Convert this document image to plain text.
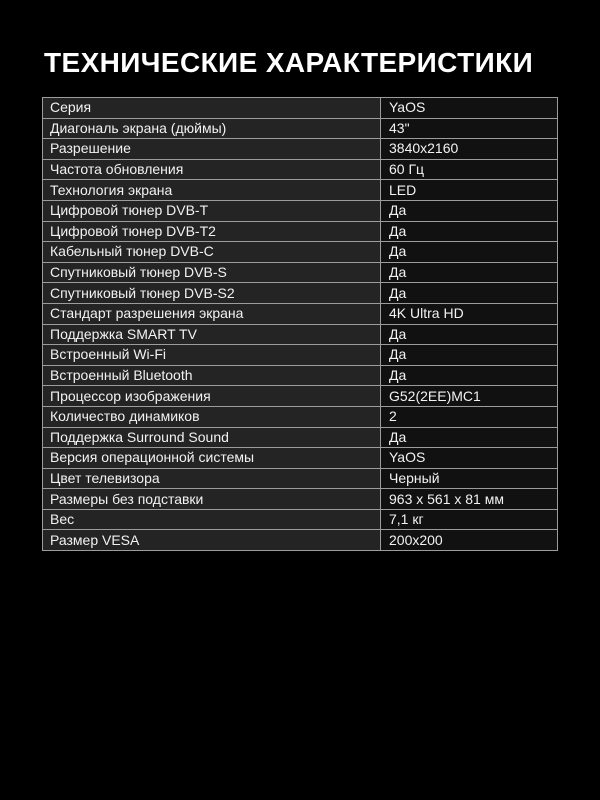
ТЕХНИЧЕСКИЕ ХАРАКТЕРИСТИКИ
Серия	YaOS
Диагональ экрана (дюймы)	43"
Разрешение	3840x2160
Частота обновления	60 Гц
Технология экрана	LED
Цифровой тюнер DVB-T	Да
Цифровой тюнер DVB-T2	Да
Кабельный тюнер DVB-C	Да
Спутниковый тюнер DVB-S	Да
Спутниковый тюнер DVB-S2	Да
Стандарт разрешения экрана	4K Ultra HD
Поддержка SMART TV	Да
Встроенный Wi-Fi	Да
Встроенный Bluetooth	Да
Процессор изображения	G52(2EE)MC1
Количество динамиков	2
Поддержка Surround Sound	Да
Версия операционной системы	YaOS
Цвет телевизора	Черный
Размеры без подставки	963 x 561 x 81 мм
Вес	7,1 кг
Размер VESA	200x200
